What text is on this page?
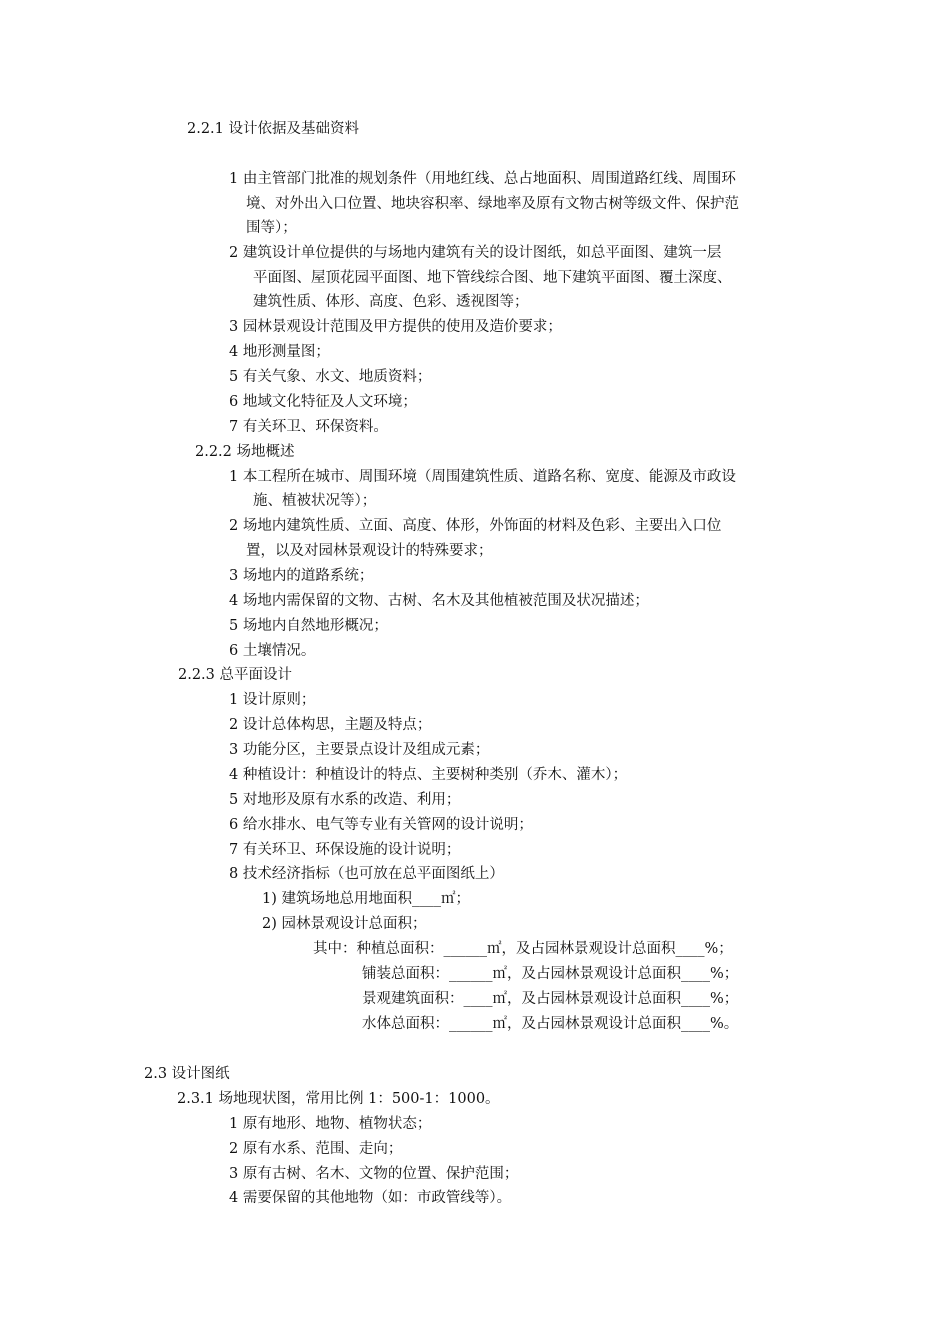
2.2.1 设计依据及基础资料
1 由主管部门批准的规划条件（用地红线、总占地面积、周围道路红线、周围环
境、对外出入口位置、地块容积率、绿地率及原有文物古树等级文件、保护范
围等）；
2 建筑设计单位提供的与场地内建筑有关的设计图纸，如总平面图、建筑一层
平面图、屋顶花园平面图、地下管线综合图、地下建筑平面图、覆土深度、
建筑性质、体形、高度、色彩、透视图等；
3 园林景观设计范围及甲方提供的使用及造价要求；
4 地形测量图；
5 有关气象、水文、地质资料；
6 地域文化特征及人文环境；
7 有关环卫、环保资料。
2.2.2 场地概述
1 本工程所在城市、周围环境（周围建筑性质、道路名称、宽度、能源及市政设
施、植被状况等）；
2 场地内建筑性质、立面、高度、体形，外饰面的材料及色彩、主要出入口位
置，以及对园林景观设计的特殊要求；
3 场地内的道路系统；
4 场地内需保留的文物、古树、名木及其他植被范围及状况描述；
5 场地内自然地形概况；
6 土壤情况。
2.2.3 总平面设计
1 设计原则；
2 设计总体构思，主题及特点；
3 功能分区，主要景点设计及组成元素；
4 种植设计：种植设计的特点、主要树种类别（乔木、灌木）；
5 对地形及原有水系的改造、利用；
6 给水排水、电气等专业有关管网的设计说明；
7 有关环卫、环保设施的设计说明；
8 技术经济指标（也可放在总平面图纸上）
1) 建筑场地总用地面积____㎡；
2) 园林景观设计总面积；
其中：种植总面积：______㎡，及占园林景观设计总面积____%；
铺装总面积：______㎡，及占园林景观设计总面积____%；
景观建筑面积：____㎡，及占园林景观设计总面积____%；
水体总面积：______㎡，及占园林景观设计总面积____%。
2.3 设计图纸
2.3.1 场地现状图，常用比例 1：500-1：1000。
1 原有地形、地物、植物状态；
2 原有水系、范围、走向；
3 原有古树、名木、文物的位置、保护范围；
4 需要保留的其他地物（如：市政管线等）。
